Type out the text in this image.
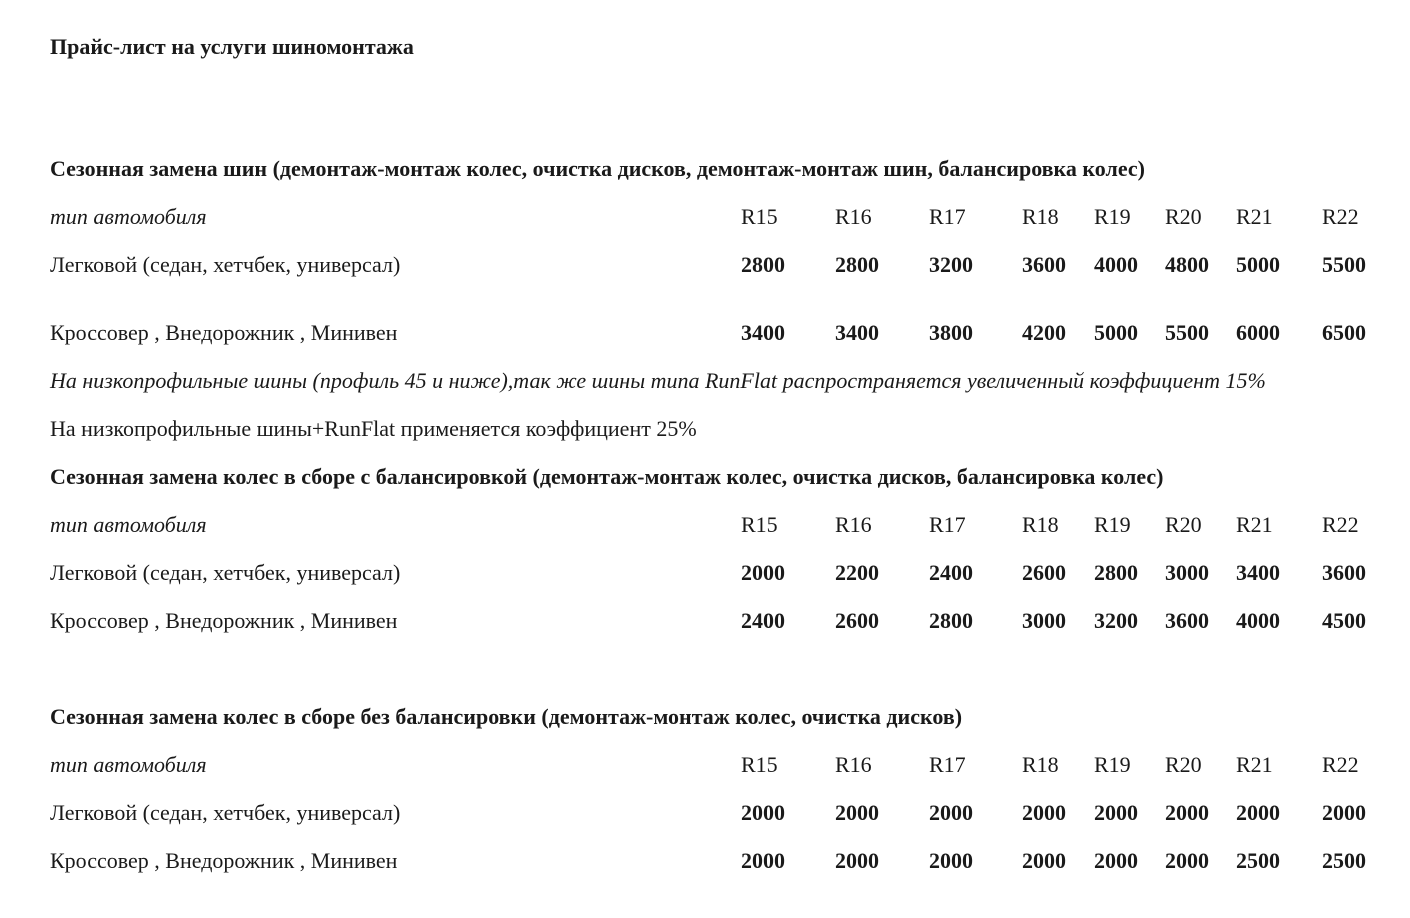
Прайс-лист на услуги шиномонтажа
Сезонная замена шин (демонтаж-монтаж колес, очистка дисков, демонтаж-монтаж шин, балансировка колес)
тип автомобиля	R15	R16	R17	R18 R19 R20 R21 R22
Легковой (седан, хетчбек, универсал)	2800 2800 3200 3600 4000 4800 5000 5500
Кроссовер , Внедорожник , Минивен	3400 3400 3800 4200 5000 5500 6000 6500
На низкопрофильные шины (профиль 45 и ниже),так же шины типа RunFlat распространяется увеличенный коэффициент 15%
На низкопрофильные шины+RunFlat применяется коэффициент 25%
Сезонная замена колес в сборе с балансировкой (демонтаж-монтаж колес, очистка дисков, балансировка колес)
тип автомобиля	R15	R16	R17	R18 R19 R20 R21 R22
Легковой (седан, хетчбек, универсал)	2000 2200 2400 2600 2800 3000 3400 3600
Кроссовер , Внедорожник , Минивен	2400 2600 2800 3000 3200 3600 4000 4500
Сезонная замена колес в сборе без балансировки (демонтаж-монтаж колес, очистка дисков)
тип автомобиля	R15	R16	R17	R18 R19 R20 R21 R22
Легковой (седан, хетчбек, универсал)	2000 2000 2000 2000 2000 2000 2000 2000
Кроссовер , Внедорожник , Минивен	2000 2000 2000 2000 2000 2000 2500 2500
